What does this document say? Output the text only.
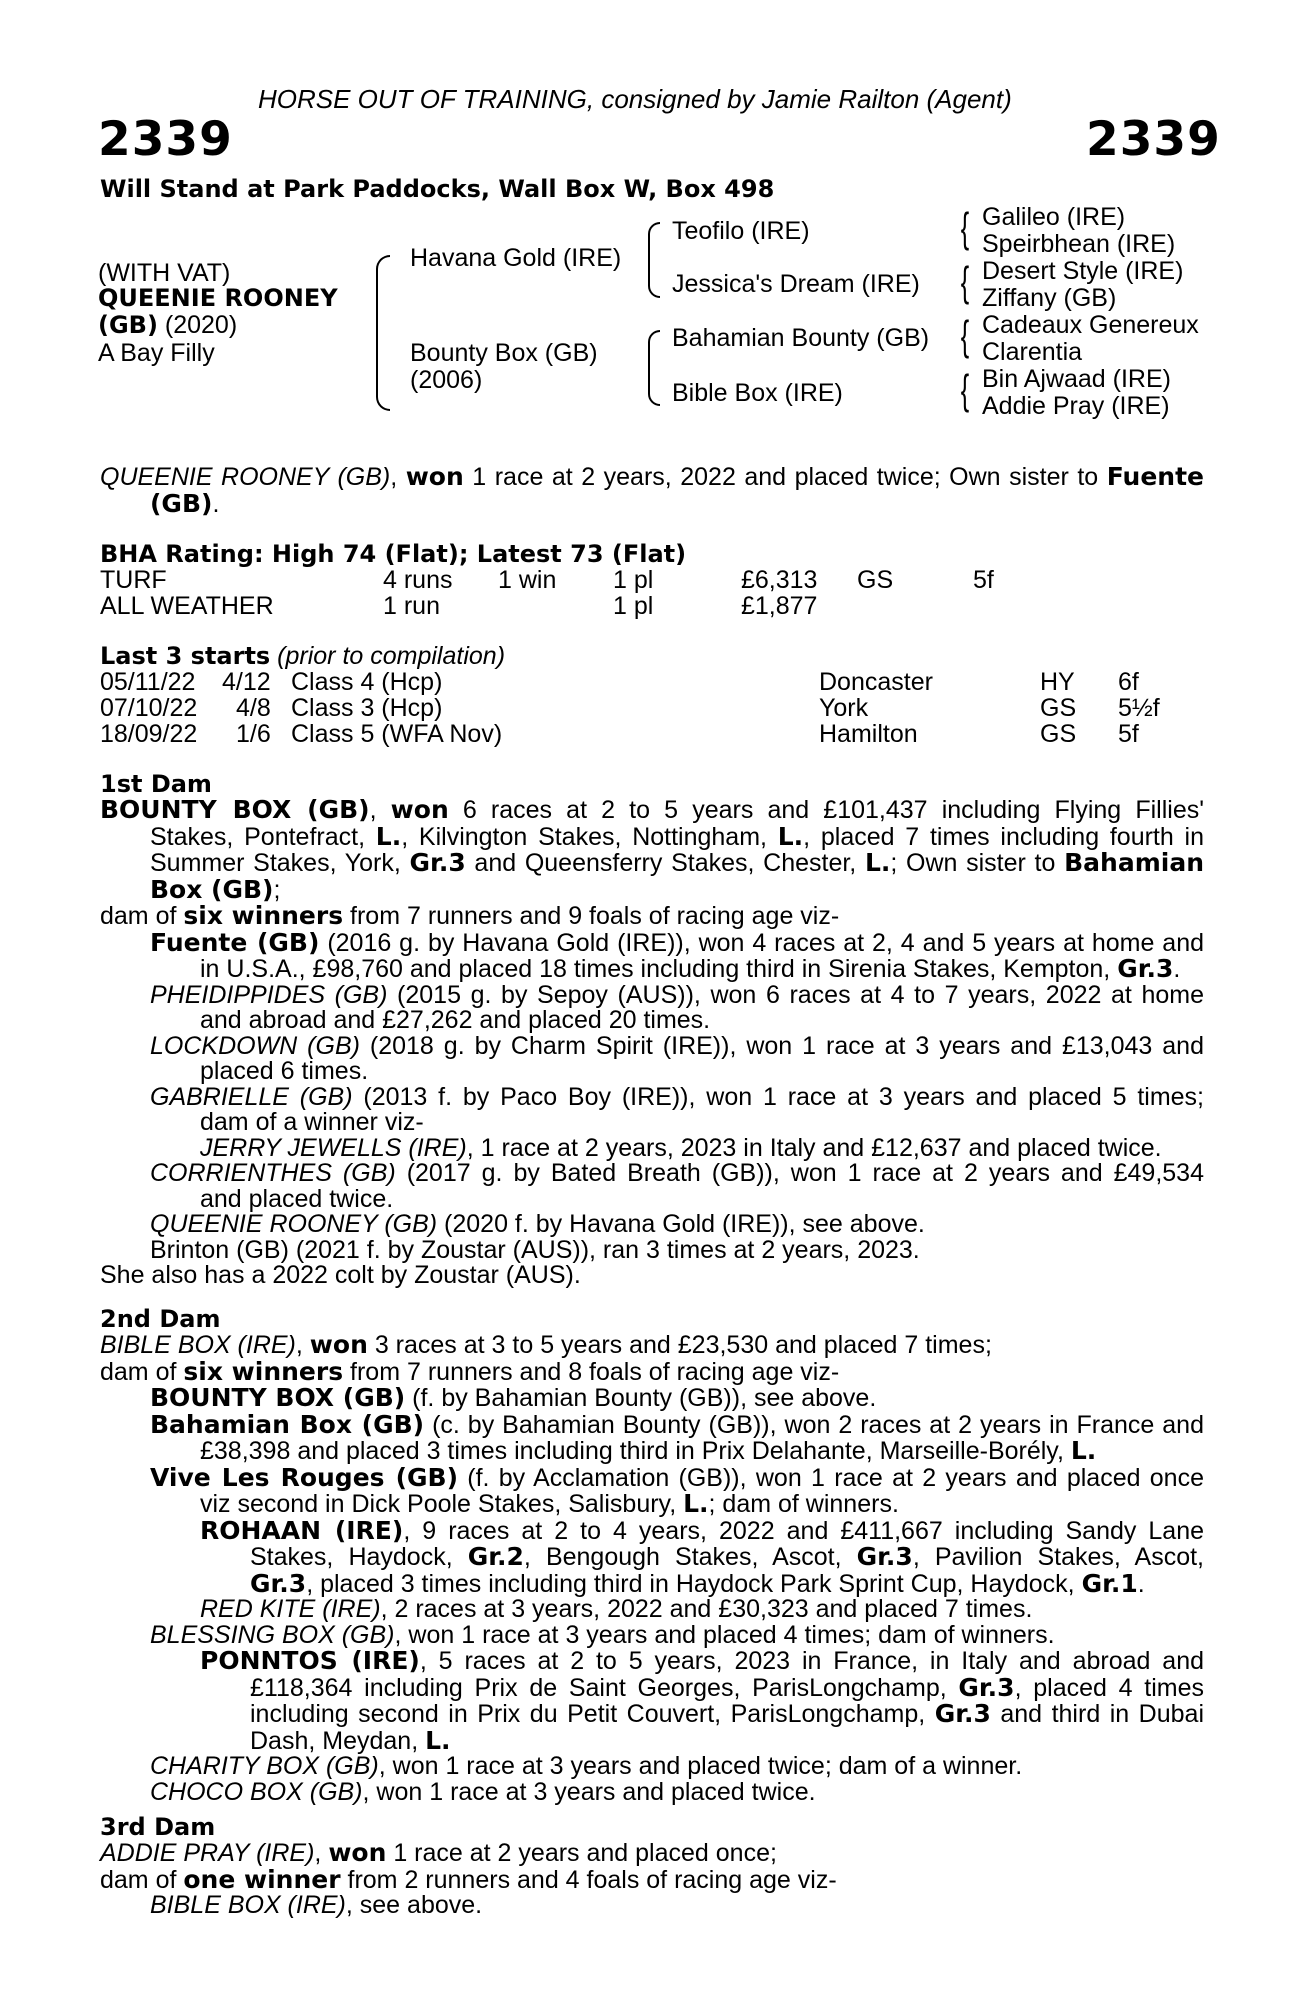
HORSE OUT OF TRAINING, consigned by Jamie Railton (Agent)
2339	2339
Will Stand at Park Paddocks, Wall Box W, Box 498
(WITH VAT)
QUEENIE ROONEY
(GB) (2020)
A Bay Filly
Havana Gold (IRE)
Bounty Box (GB)
(2006)
Teofilo (IRE)
Jessica's Dream (IRE)
Bahamian Bounty (GB)
Bible Box (IRE)
{ Galileo (IRE)
Speirbhean (IRE)
{ Desert Style (IRE)
Ziffany (GB)
{ Cadeaux Genereux
Clarentia
{ Bin Ajwaad (IRE)
Addie Pray (IRE)
QUEENIE ROONEY (GB), won 1 race at 2 years, 2022 and placed twice; Own sister to Fuente
(GB).
BHA Rating: High 74 (Flat); Latest 73 (Flat)
TURF	4 runs 1 win 1 pl	£6,313 GS	5f
ALL WEATHER	1 run	1 pl	£1,877
Last 3 starts (prior to compilation)
05/11/22 4/12 Class 4 (Hcp)	Doncaster	HY 6f
07/10/22 4/8 Class 3 (Hcp)	York	GS 5½f
18/09/22 1/6 Class 5 (WFA Nov)	Hamilton	GS 5f
1st Dam
BOUNTY BOX (GB), won 6 races at 2 to 5 years and £101,437 including Flying Fillies'
Stakes, Pontefract, L., Kilvington Stakes, Nottingham, L., placed 7 times including fourth in
Summer Stakes, York, Gr.3 and Queensferry Stakes, Chester, L.; Own sister to Bahamian
Box (GB);
dam of six winners from 7 runners and 9 foals of racing age viz-
Fuente (GB) (2016 g. by Havana Gold (IRE)), won 4 races at 2, 4 and 5 years at home and
in U.S.A., £98,760 and placed 18 times including third in Sirenia Stakes, Kempton, Gr.3.
PHEIDIPPIDES (GB) (2015 g. by Sepoy (AUS)), won 6 races at 4 to 7 years, 2022 at home
and abroad and £27,262 and placed 20 times.
LOCKDOWN (GB) (2018 g. by Charm Spirit (IRE)), won 1 race at 3 years and £13,043 and
placed 6 times.
GABRIELLE (GB) (2013 f. by Paco Boy (IRE)), won 1 race at 3 years and placed 5 times;
dam of a winner viz-
JERRY JEWELLS (IRE), 1 race at 2 years, 2023 in Italy and £12,637 and placed twice.
CORRIENTHES (GB) (2017 g. by Bated Breath (GB)), won 1 race at 2 years and £49,534
and placed twice.
QUEENIE ROONEY (GB) (2020 f. by Havana Gold (IRE)), see above.
Brinton (GB) (2021 f. by Zoustar (AUS)), ran 3 times at 2 years, 2023.
She also has a 2022 colt by Zoustar (AUS).
2nd Dam
BIBLE BOX (IRE), won 3 races at 3 to 5 years and £23,530 and placed 7 times;
dam of six winners from 7 runners and 8 foals of racing age viz-
BOUNTY BOX (GB) (f. by Bahamian Bounty (GB)), see above.
Bahamian Box (GB) (c. by Bahamian Bounty (GB)), won 2 races at 2 years in France and
£38,398 and placed 3 times including third in Prix Delahante, Marseille-Borély, L.
Vive Les Rouges (GB) (f. by Acclamation (GB)), won 1 race at 2 years and placed once
viz second in Dick Poole Stakes, Salisbury, L.; dam of winners.
ROHAAN (IRE), 9 races at 2 to 4 years, 2022 and £411,667 including Sandy Lane
Stakes, Haydock, Gr.2, Bengough Stakes, Ascot, Gr.3, Pavilion Stakes, Ascot,
Gr.3, placed 3 times including third in Haydock Park Sprint Cup, Haydock, Gr.1.
RED KITE (IRE), 2 races at 3 years, 2022 and £30,323 and placed 7 times.
BLESSING BOX (GB), won 1 race at 3 years and placed 4 times; dam of winners.
PONNTOS (IRE), 5 races at 2 to 5 years, 2023 in France, in Italy and abroad and
£118,364 including Prix de Saint Georges, ParisLongchamp, Gr.3, placed 4 times
including second in Prix du Petit Couvert, ParisLongchamp, Gr.3 and third in Dubai
Dash, Meydan, L.
CHARITY BOX (GB), won 1 race at 3 years and placed twice; dam of a winner.
CHOCO BOX (GB), won 1 race at 3 years and placed twice.
3rd Dam
ADDIE PRAY (IRE), won 1 race at 2 years and placed once;
dam of one winner from 2 runners and 4 foals of racing age viz-
BIBLE BOX (IRE), see above.
